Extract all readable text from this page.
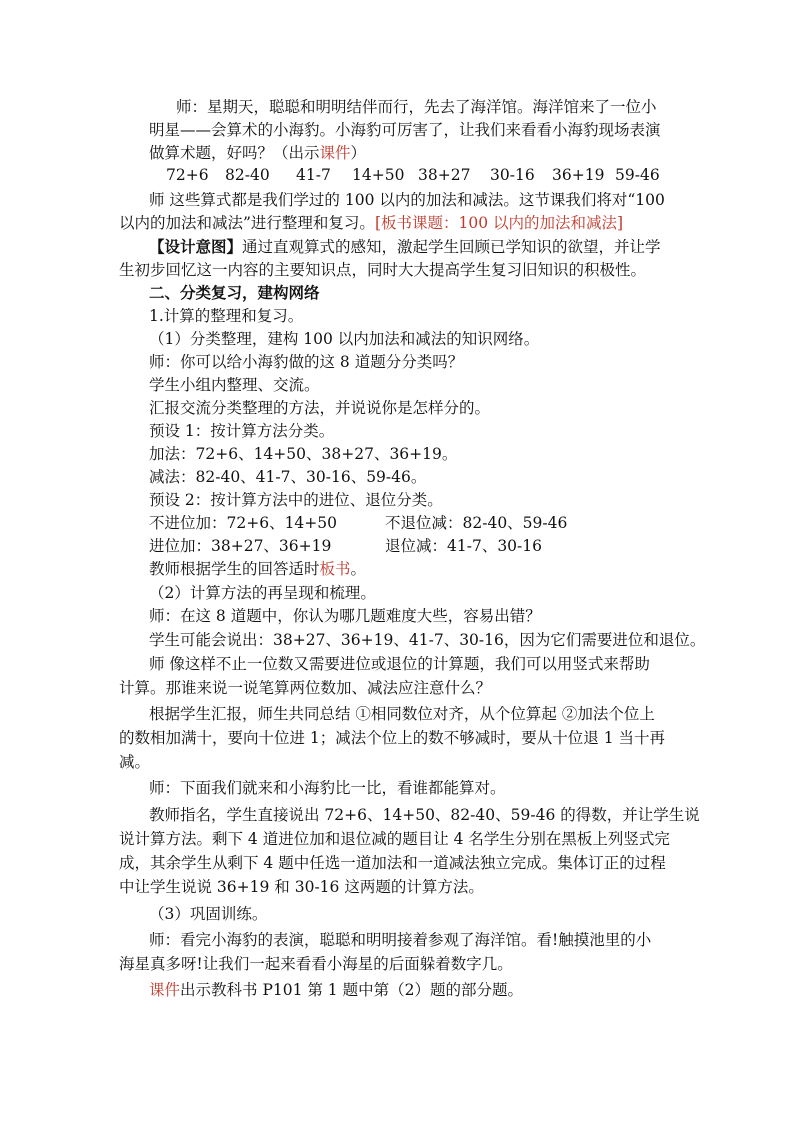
师：星期天，聪聪和明明结伴而行，先去了海洋馆。海洋馆来了一位小
明星——会算术的小海豹。小海豹可厉害了，让我们来看看小海豹现场表演
做算术题，好吗？（出示课件）
72+6 82-40 41-7 14+50 38+27 30-16 36+19 59-46
师 这些算式都是我们学过的 100 以内的加法和减法。这节课我们将对“100
以内的加法和减法”进行整理和复习。[板书课题：100 以内的加法和减法]
【设计意图】通过直观算式的感知，激起学生回顾已学知识的欲望，并让学
生初步回忆这一内容的主要知识点，同时大大提高学生复习旧知识的积极性。
二、分类复习，建构网络
1.计算的整理和复习。
（1）分类整理，建构 100 以内加法和减法的知识网络。
师：你可以给小海豹做的这 8 道题分分类吗？
学生小组内整理、交流。
汇报交流分类整理的方法，并说说你是怎样分的。
预设 1：按计算方法分类。
加法：72+6、14+50、38+27、36+19。
减法：82-40、41-7、30-16、59-46。
预设 2：按计算方法中的进位、退位分类。
不进位加：72+6、14+50	不退位减：82-40、59-46
进位加：38+27、36+19	退位减：41-7、30-16
教师根据学生的回答适时板书。
（2）计算方法的再呈现和梳理。
师：在这 8 道题中，你认为哪几题难度大些，容易出错？
学生可能会说出：38+27、36+19、41-7、30-16，因为它们需要进位和退位。
师 像这样不止一位数又需要进位或退位的计算题，我们可以用竖式来帮助
计算。那谁来说一说笔算两位数加、减法应注意什么？
根据学生汇报，师生共同总结 ①相同数位对齐，从个位算起 ②加法个位上
的数相加满十，要向十位进 1；减法个位上的数不够减时，要从十位退 1 当十再
减。
师：下面我们就来和小海豹比一比，看谁都能算对。
教师指名，学生直接说出 72+6、14+50、82-40、59-46 的得数，并让学生说
说计算方法。剩下 4 道进位加和退位减的题目让 4 名学生分别在黑板上列竖式完
成，其余学生从剩下 4 题中任选一道加法和一道减法独立完成。集体订正的过程
中让学生说说 36+19 和 30-16 这两题的计算方法。
（3）巩固训练。
师：看完小海豹的表演，聪聪和明明接着参观了海洋馆。看!触摸池里的小
海星真多呀!让我们一起来看看小海星的后面躲着数字几。
课件出示教科书 P101 第 1 题中第（2）题的部分题。
